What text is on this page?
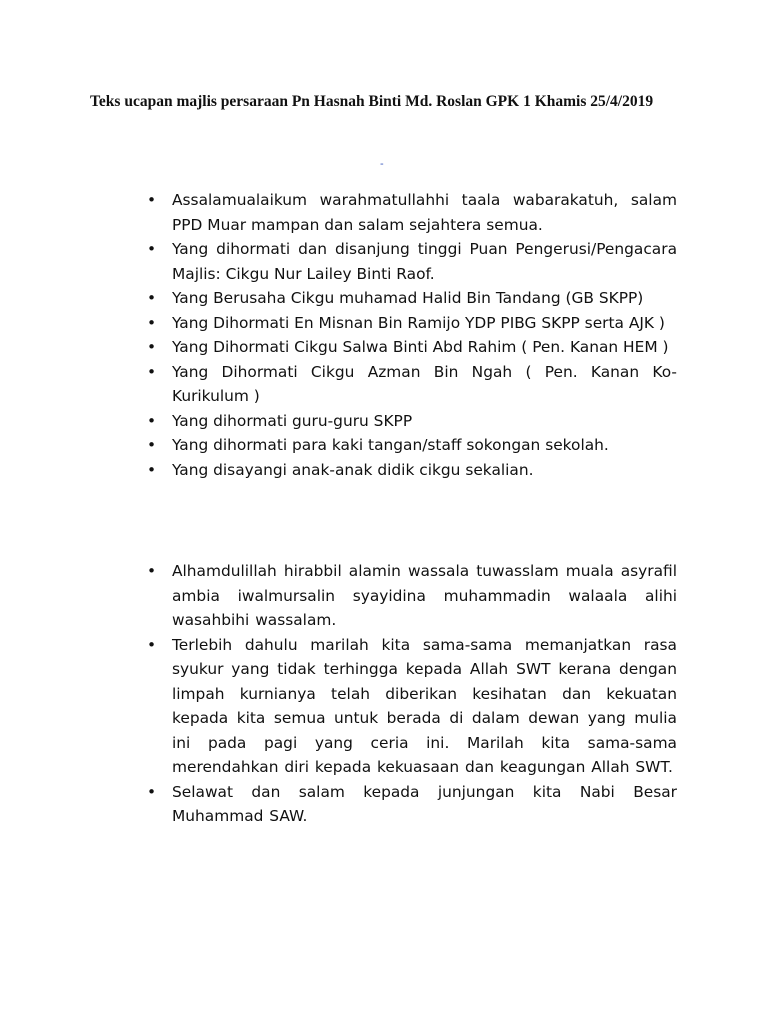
Teks ucapan majlis persaraan Pn Hasnah Binti Md. Roslan GPK 1 Khamis 25/4/2019

-
• Assalamualaikum warahmatullahhi taala wabarakatuh, salam PPD Muar mampan dan salam sejahtera semua.
• Yang dihormati dan disanjung tinggi Puan Pengerusi/Pengacara Majlis: Cikgu Nur Lailey Binti Raof.
• Yang Berusaha Cikgu muhamad Halid Bin Tandang (GB SKPP)
• Yang Dihormati En Misnan Bin Ramijo YDP PIBG SKPP serta AJK )
• Yang Dihormati Cikgu Salwa Binti Abd Rahim ( Pen. Kanan HEM )
• Yang Dihormati Cikgu Azman Bin Ngah ( Pen. Kanan Ko-Kurikulum )
• Yang dihormati guru-guru SKPP
• Yang dihormati para kaki tangan/staff sokongan sekolah.
• Yang disayangi anak-anak didik cikgu sekalian.
• Alhamdulillah hirabbil alamin wassala tuwasslam muala asyrafil ambia iwalmursalin syayidina muhammadin walaala alihi wasahbihi wassalam.
• Terlebih dahulu marilah kita sama-sama memanjatkan rasa syukur yang tidak terhingga kepada Allah SWT kerana dengan limpah kurnianya telah diberikan kesihatan dan kekuatan kepada kita semua untuk berada di dalam dewan yang mulia ini pada pagi yang ceria ini. Marilah kita sama-sama merendahkan diri kepada kekuasaan dan keagungan Allah SWT.
• Selawat dan salam kepada junjungan kita Nabi Besar Muhammad SAW.
